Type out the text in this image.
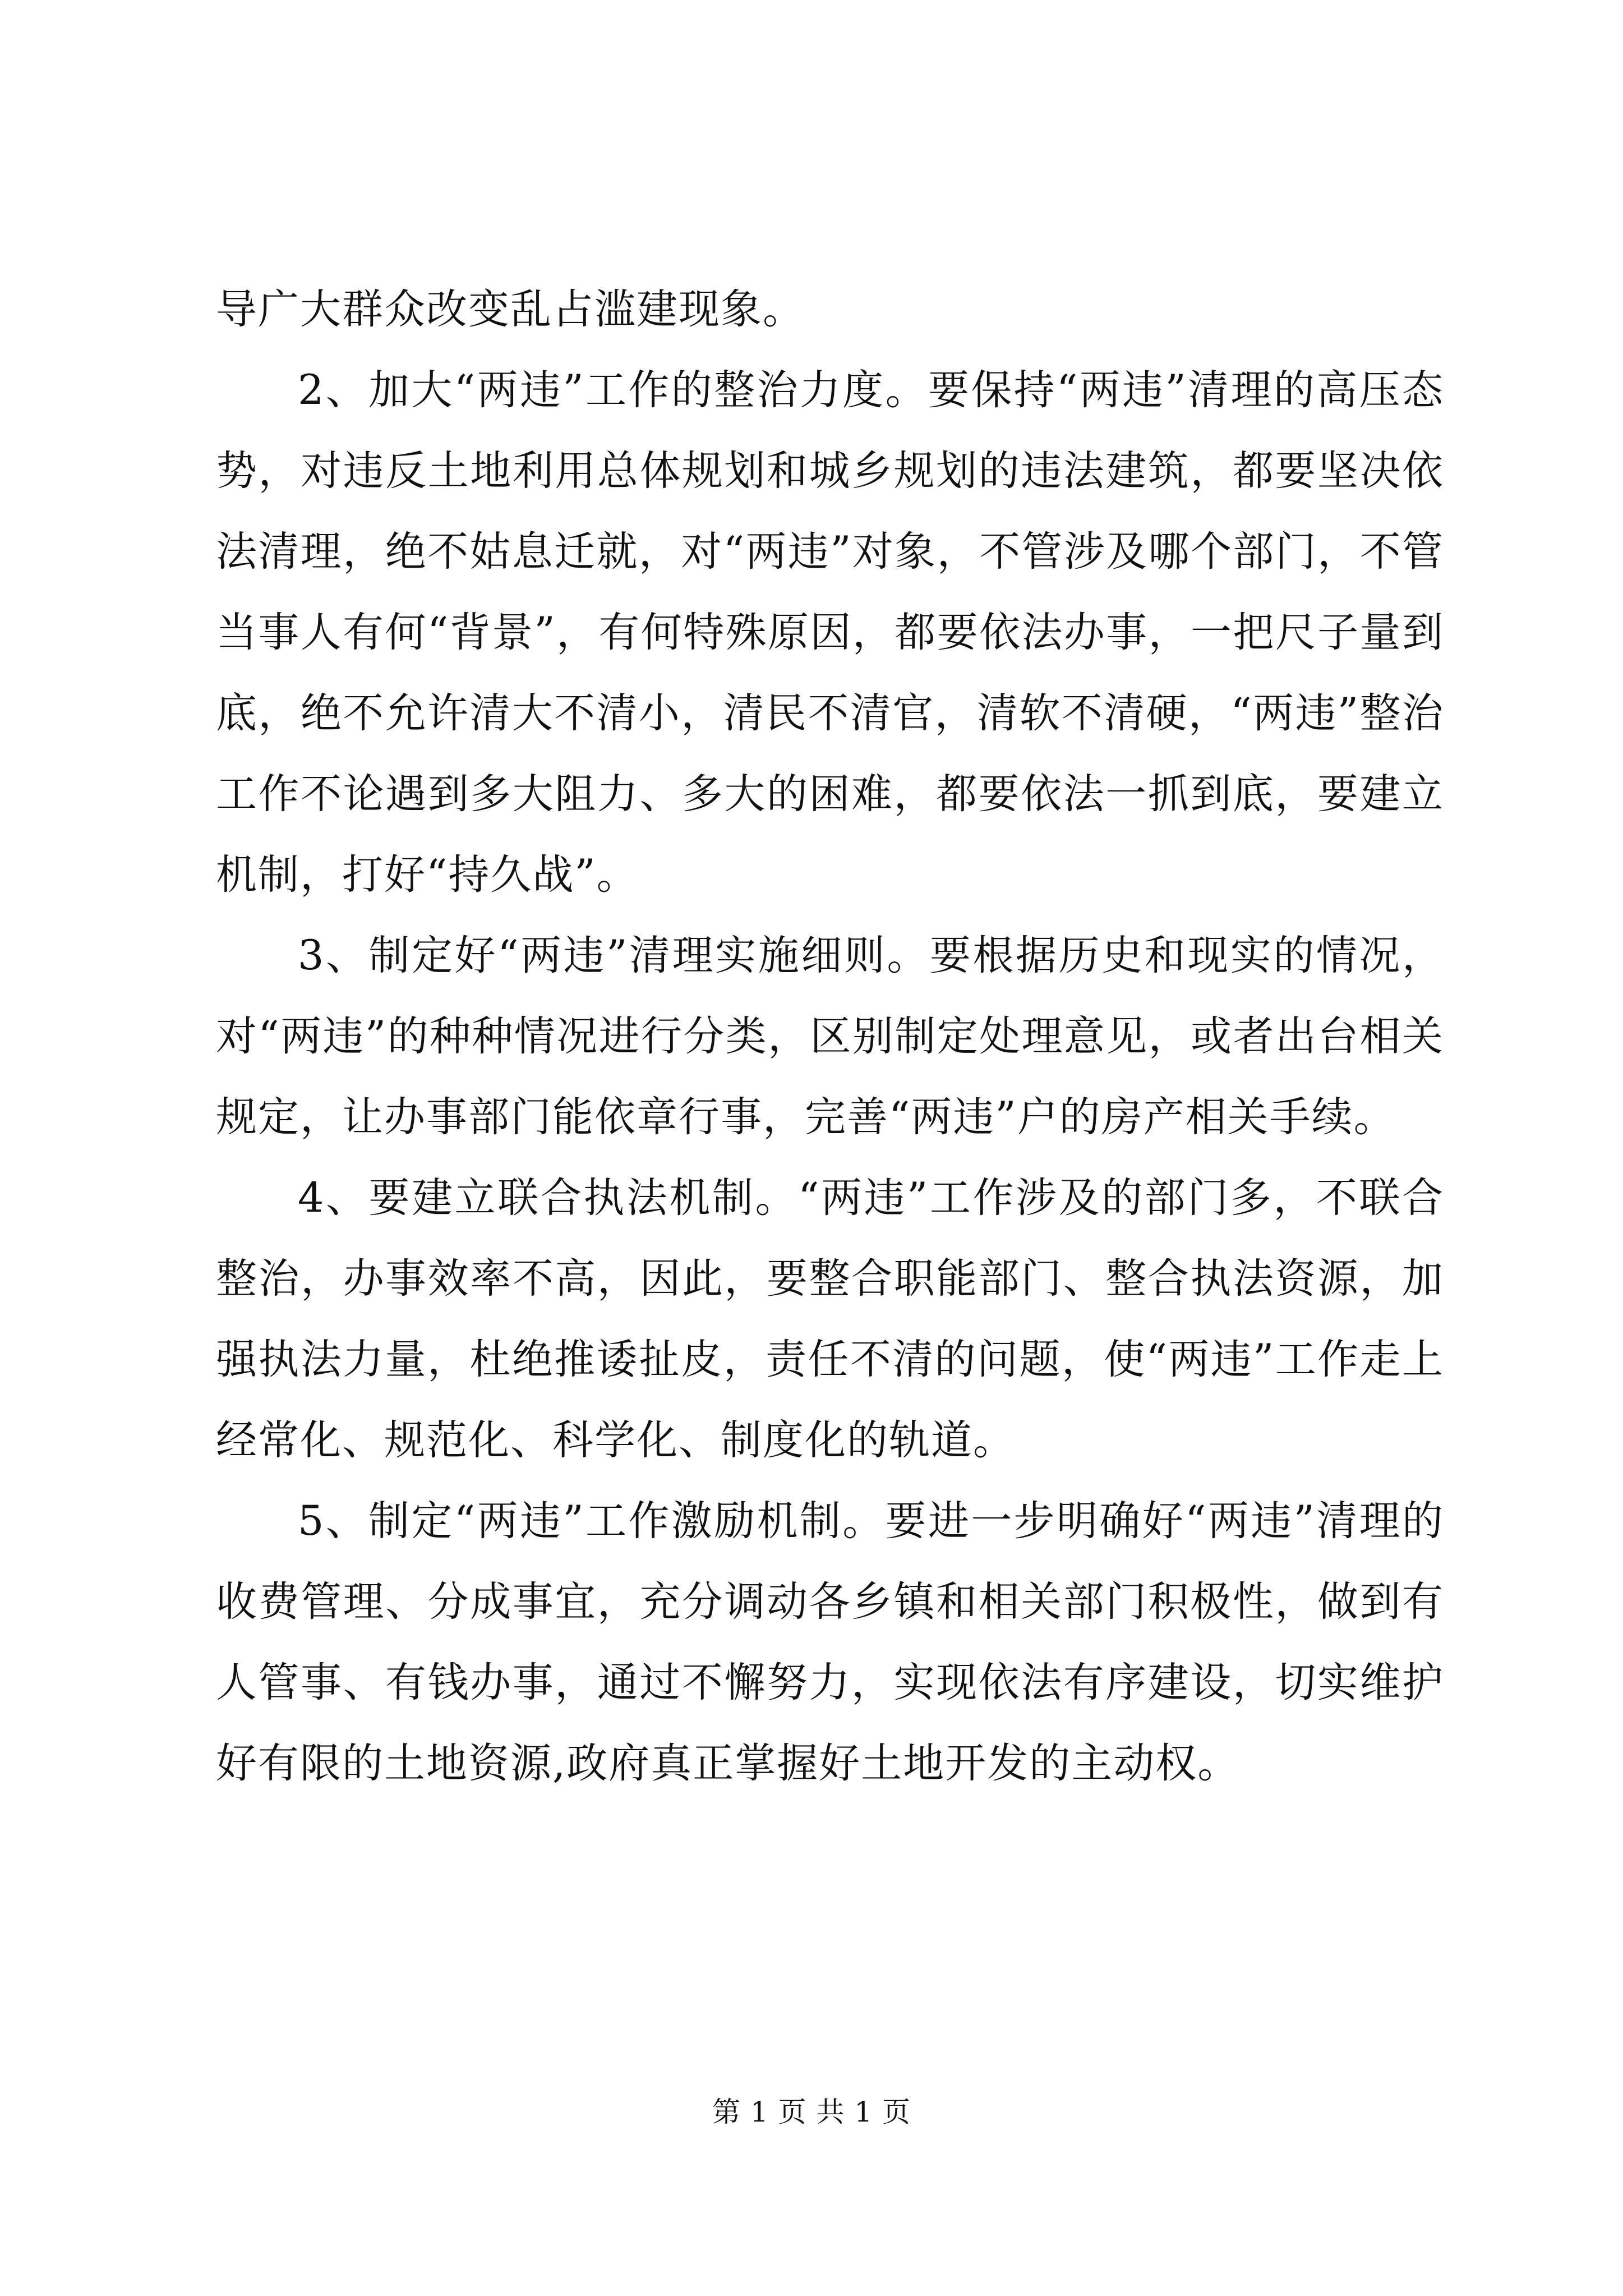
导广大群众改变乱占滥建现象。

2、加大“两违”工作的整治力度。要保持“两违”清理的高压态势，对违反土地利用总体规划和城乡规划的违法建筑，都要坚决依法清理，绝不姑息迁就，对“两违”对象，不管涉及哪个部门，不管当事人有何“背景”，有何特殊原因，都要依法办事，一把尺子量到底，绝不允许清大不清小，清民不清官，清软不清硬，“两违”整治工作不论遇到多大阻力、多大的困难，都要依法一抓到底，要建立机制，打好“持久战”。

3、制定好“两违”清理实施细则。要根据历史和现实的情况，对“两违”的种种情况进行分类，区别制定处理意见，或者出台相关规定，让办事部门能依章行事，完善“两违”户的房产相关手续。

4、要建立联合执法机制。“两违”工作涉及的部门多，不联合整治，办事效率不高，因此，要整合职能部门、整合执法资源，加强执法力量，杜绝推诿扯皮，责任不清的问题，使“两违”工作走上经常化、规范化、科学化、制度化的轨道。

5、制定“两违”工作激励机制。要进一步明确好“两违”清理的收费管理、分成事宜，充分调动各乡镇和相关部门积极性，做到有人管事、有钱办事，通过不懈努力，实现依法有序建设，切实维护好有限的土地资源,政府真正掌握好土地开发的主动权。

第 1 页 共 1 页
